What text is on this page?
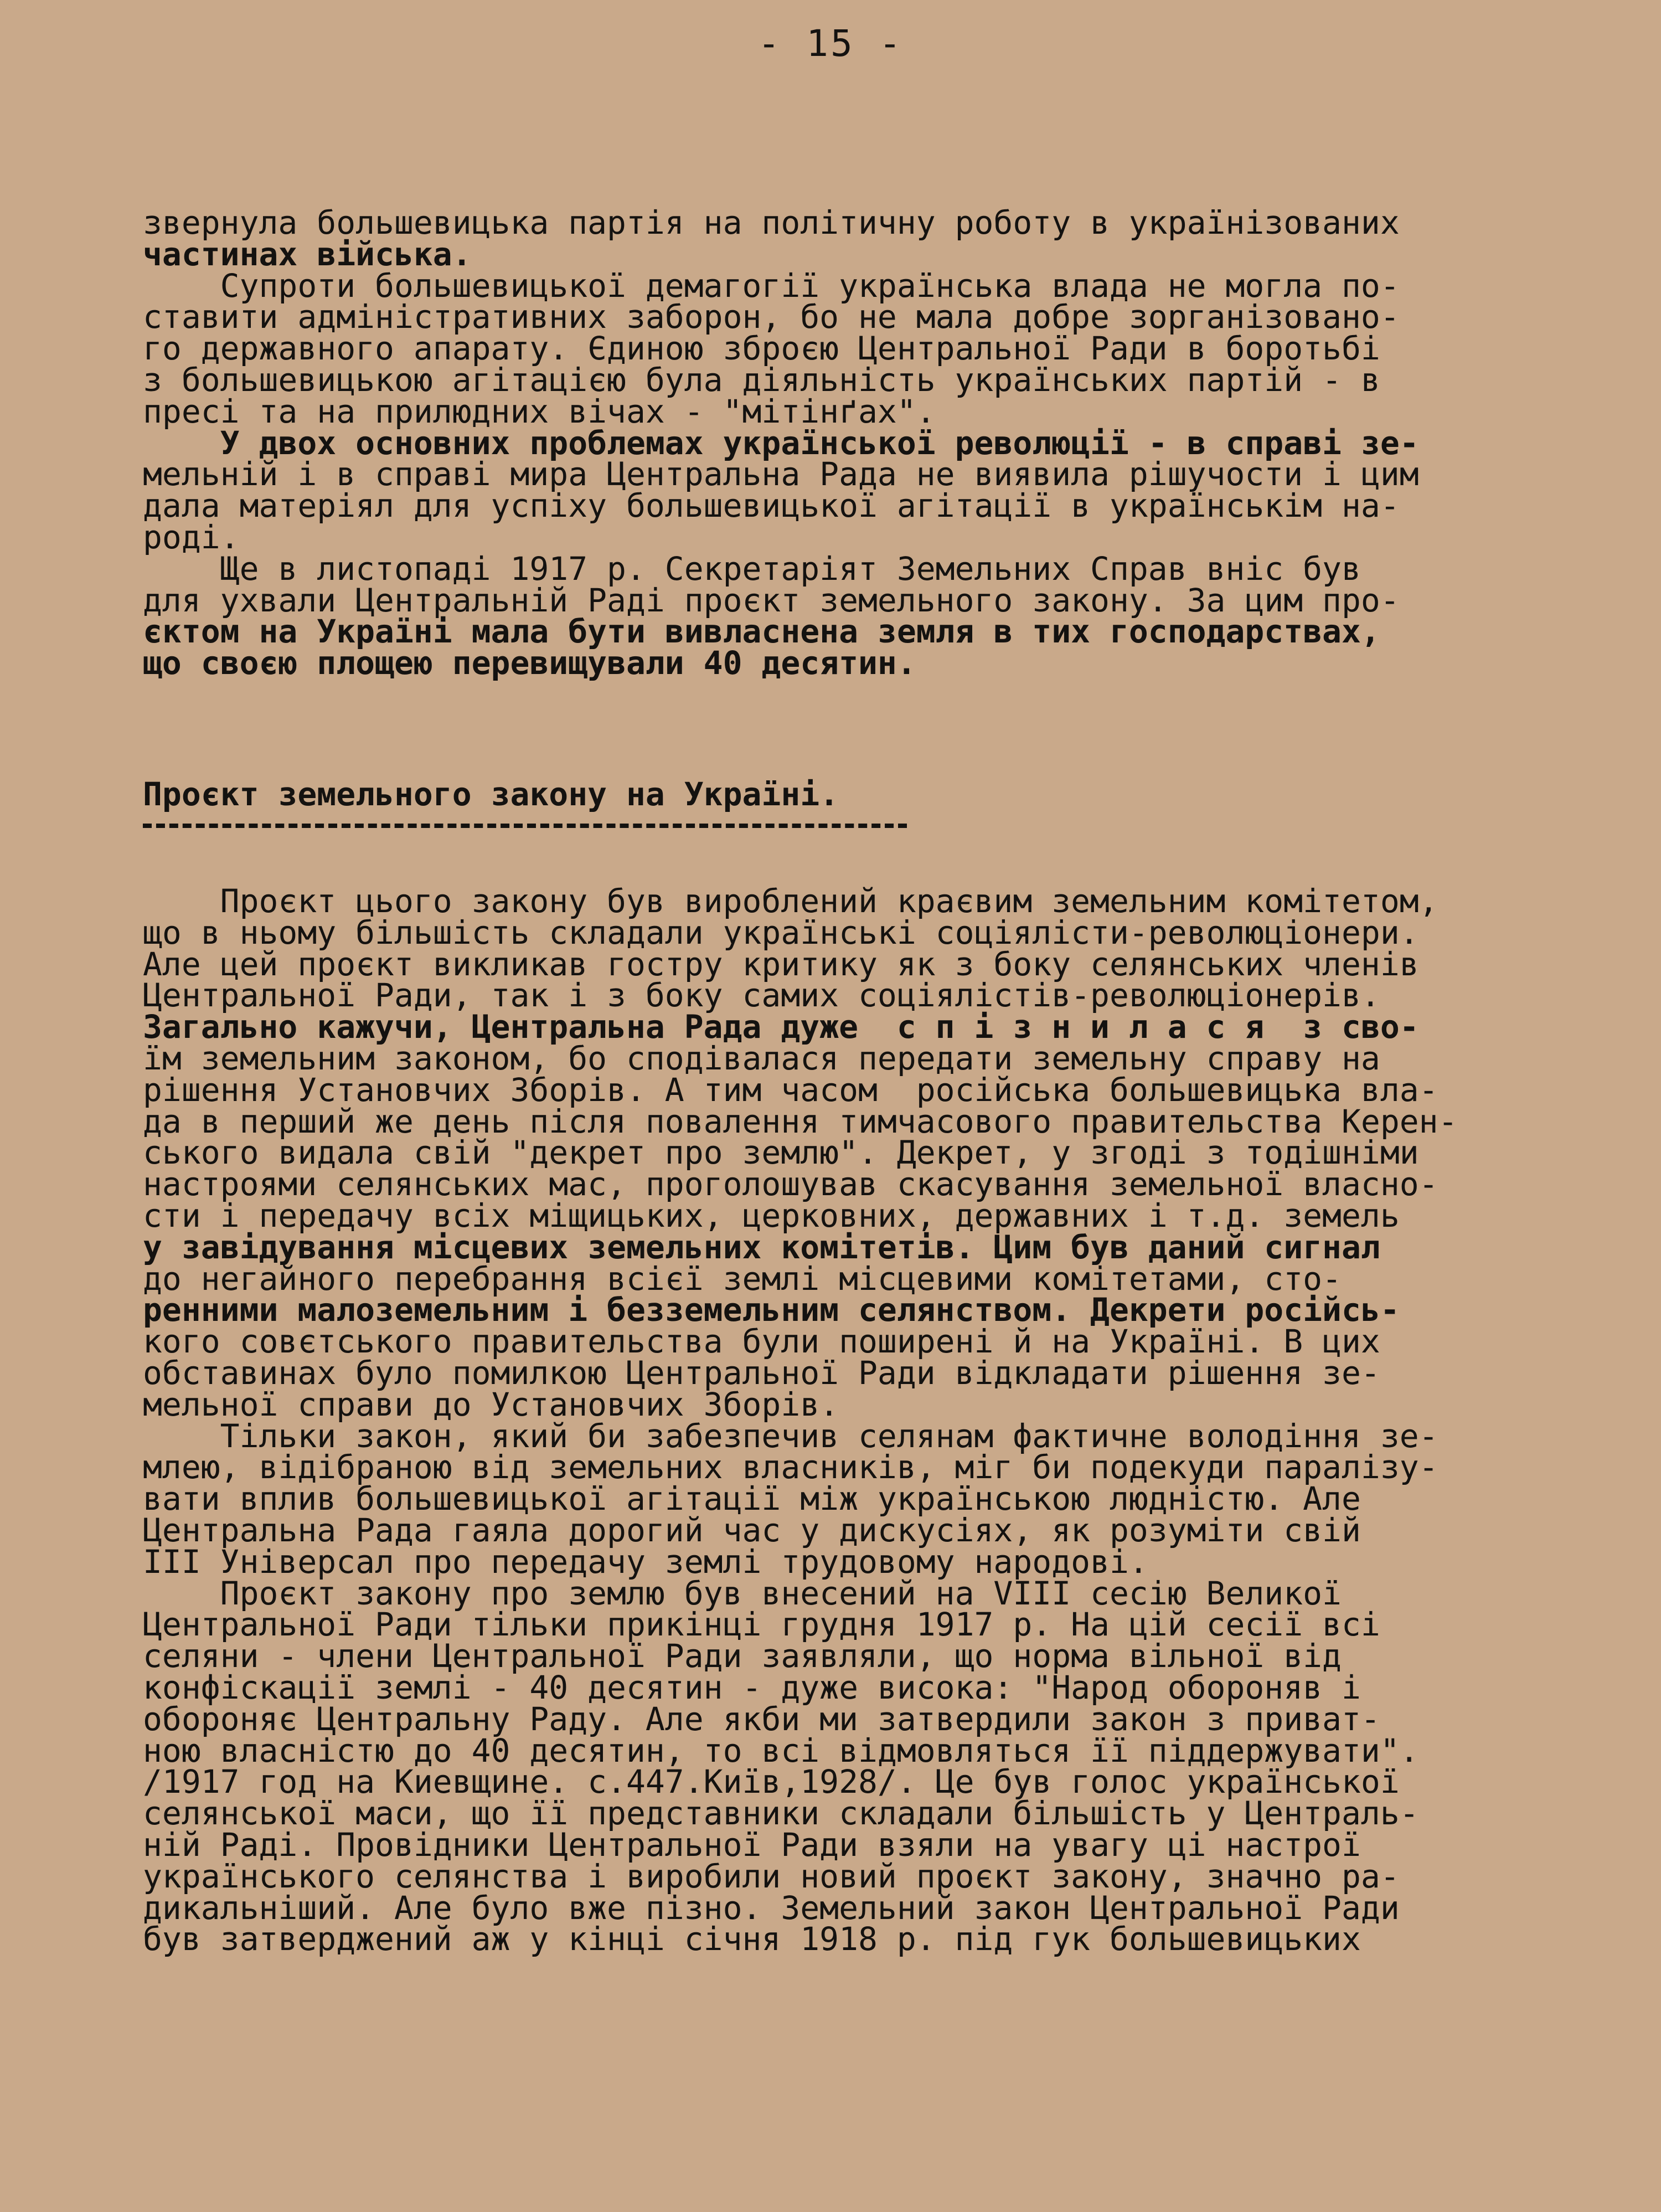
- 15 -
звернула большевицька партія на політичну роботу в українізованих
частинах війська.
Супроти большевицької демагогії українська влада не могла по-
ставити адміністративних заборон, бо не мала добре зорганізовано-
го державного апарату. Єдиною зброєю Центральної Ради в боротьбі
з большевицькою агітацією була діяльність українських партій - в
пресі та на прилюдних вічах - "мітінґах".
У двох основних проблемах української революції - в справі зе-
мельній і в справі мира Центральна Рада не виявила рішучости і цим
дала матеріял для успіху большевицької агітації в українськім на-
роді.
Ще в листопаді 1917 р. Секретаріят Земельних Справ вніс був
для ухвали Центральній Раді проєкт земельного закону. За цим про-
єктом на Україні мала бути вивласнена земля в тих господарствах,
що своєю площею перевищували 40 десятин.
Проєкт земельного закону на Україні.
Проєкт цього закону був вироблений краєвим земельним комітетом,
що в ньому більшість складали українські соціялісти-революціонери.
Але цей проєкт викликав гостру критику як з боку селянських членів
Центральної Ради, так і з боку самих соціялістів-революціонерів.
Загально кажучи, Центральна Рада дуже  с п і з н и л а с я  з сво-
їм земельним законом, бо сподівалася передати земельну справу на
рішення Установчих Зборів. А тим часом  російська большевицька вла-
да в перший же день після повалення тимчасового правительства Керен-
ського видала свій "декрет про землю". Декрет, у згоді з тодішніми
настроями селянських мас, проголошував скасування земельної власно-
сти і передачу всіх міщицьких, церковних, державних і т.д. земель
у завідування місцевих земельних комітетів. Цим був даний сигнал
до негайного перебрання всієї землі місцевими комітетами, сто-
ренними малоземельним і безземельним селянством. Декрети російсь-
кого совєтського правительства були поширені й на Україні. В цих
обставинах було помилкою Центральної Ради відкладати рішення зе-
мельної справи до Установчих Зборів.
Тільки закон, який би забезпечив селянам фактичне володіння зе-
млею, відібраною від земельних власників, міг би подекуди паралізу-
вати вплив большевицької агітації між українською людністю. Але
Центральна Рада гаяла дорогий час у дискусіях, як розуміти свій
III Універсал про передачу землі трудовому народові.
Проєкт закону про землю був внесений на VIII сесію Великої
Центральної Ради тільки прикінці грудня 1917 р. На цій сесії всі
селяни - члени Центральної Ради заявляли, що норма вільної від
конфіскації землі - 40 десятин - дуже висока: "Народ обороняв і
обороняє Центральну Раду. Але якби ми затвердили закон з приват-
ною власністю до 40 десятин, то всі відмовляться її піддержувати".
/1917 год на Киевщине. с.447.Київ,1928/. Це був голос української
селянської маси, що її представники складали більшість у Централь-
ній Раді. Провідники Центральної Ради взяли на увагу ці настрої
українського селянства і виробили новий проєкт закону, значно ра-
дикальніший. Але було вже пізно. Земельний закон Центральної Ради
був затверджений аж у кінці січня 1918 р. під гук большевицьких
